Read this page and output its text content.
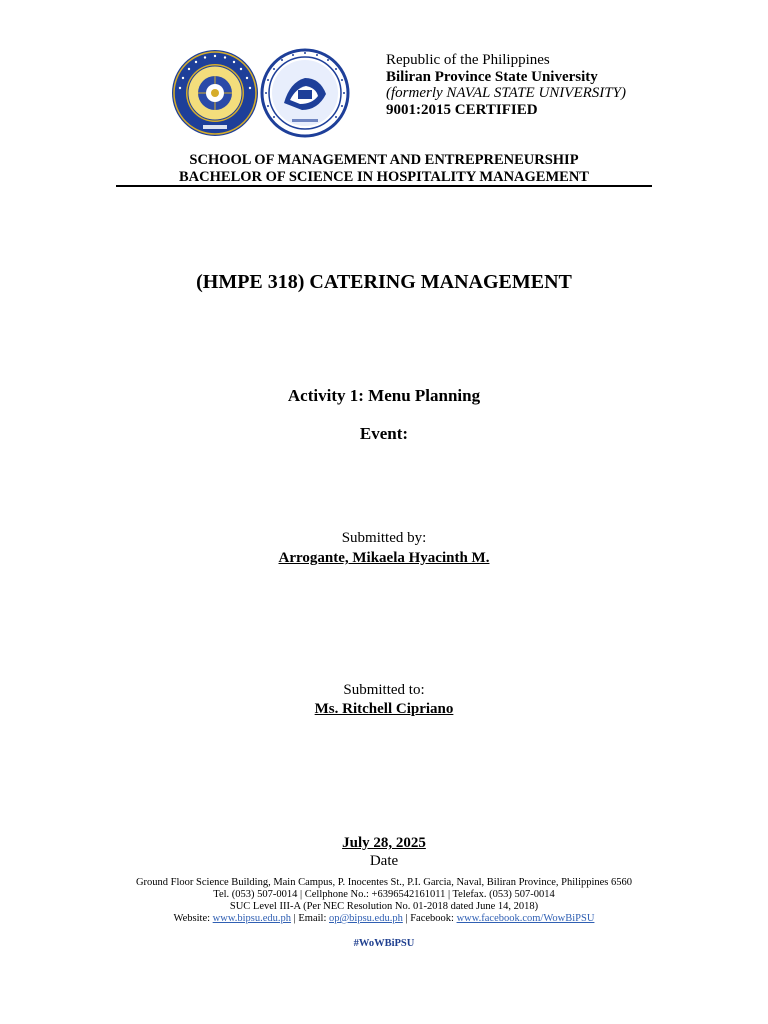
Republic of the Philippines
Biliran Province State University
(formerly NAVAL STATE UNIVERSITY)
9001:2015 CERTIFIED
SCHOOL OF MANAGEMENT AND ENTREPRENEURSHIP
BACHELOR OF SCIENCE IN HOSPITALITY MANAGEMENT
(HMPE 318) CATERING MANAGEMENT
Activity 1: Menu Planning
Event:
Submitted by:
Arrogante, Mikaela Hyacinth M.
Submitted to:
Ms. Ritchell Cipriano
July 28, 2025
Date
Ground Floor Science Building, Main Campus, P. Inocentes St., P.I. Garcia, Naval, Biliran Province, Philippines 6560
Tel. (053) 507-0014 | Cellphone No.: +6396542161011 | Telefax. (053) 507-0014
SUC Level III-A (Per NEC Resolution No. 01-2018 dated June 14, 2018)
Website: www.bipsu.edu.ph | Email: op@bipsu.edu.ph | Facebook: www.facebook.com/WowBiPSU
#WoWBiPSU
